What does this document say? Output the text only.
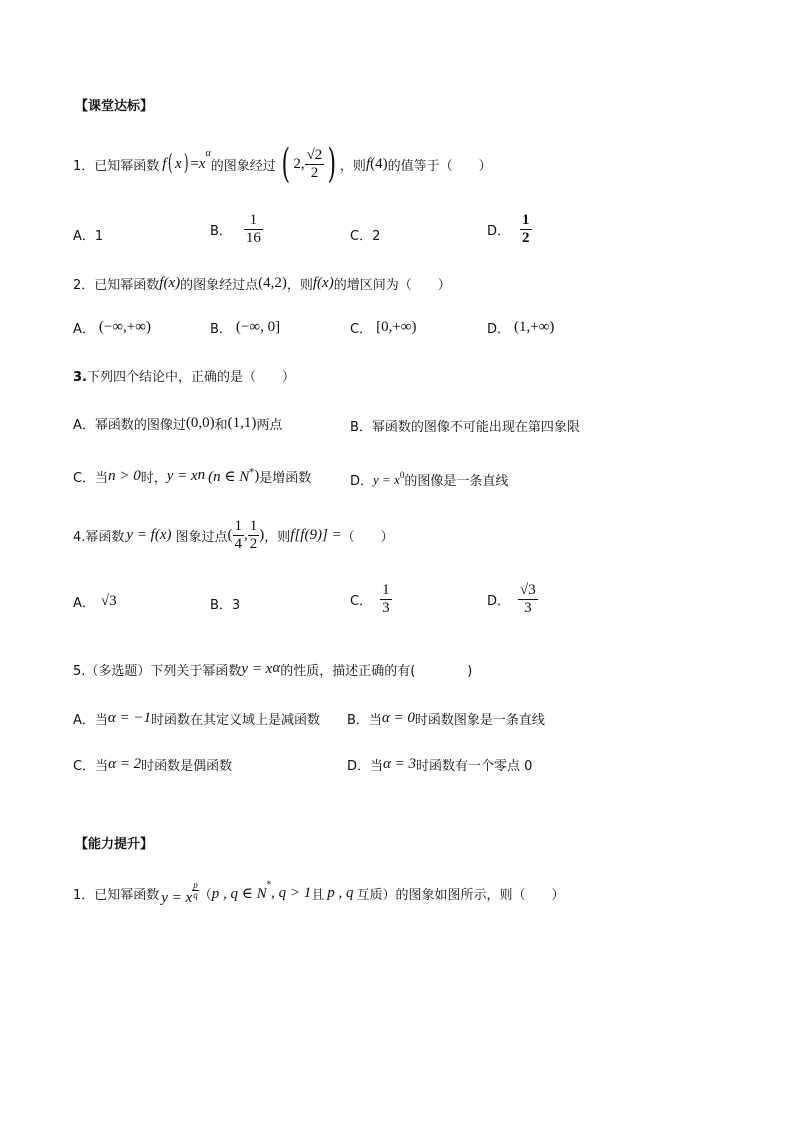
【课堂达标】
1．已知幂函数 f ( x ) = x
$^\alpha$
的图象经过 ( 2, $\frac{√2}{2}$ ) ，则 f (4) 的值等于（　　）
A．1	B． $\frac{1}{16}$	C．2	D． $\frac{1}{2}$
2．已知幂函数 f(x) 的图象经过点 (4,2) ，则 f(x) 的增区间为（　　）
A． (−∞,+∞)	B． (−∞, 0]	C． [0,+∞)	D． (1,+∞)
3.下列四个结论中，正确的是（　　）
A．幂函数的图像过 (0,0) 和 (1,1) 两点	B．幂函数的图像不可能出现在第四象限
C．当 n > 0 时， y = x n (n ∈ N* ) 是增函数	D． $y = x^0$ 的图像是一条直线
4.幂函数 y = f(x) 图象过点 ( $\frac{1}{4}$ , $\frac{1}{2}$ ) ，则 f[f(9)] = （　　）
A． √3	B．3	C． $\frac{1}{3}$	D． $\frac{√3}{3}$
5.（多选题）下列关于幂函数 y = x α 的性质，描述正确的有(　　　　)
A．当 α = −1 时函数在其定义域上是减函数 B．当 α = 0 时函数图象是一条直线
C．当 α = 2 时函数是偶函数	D．当 α = 3 时函数有一个零点 0
【能力提升】
1．已知幂函数 y = x
p
q （ p , q ∈ N
* , q > 1 且 p , q 互质）的图象如图所示，则（　　）
